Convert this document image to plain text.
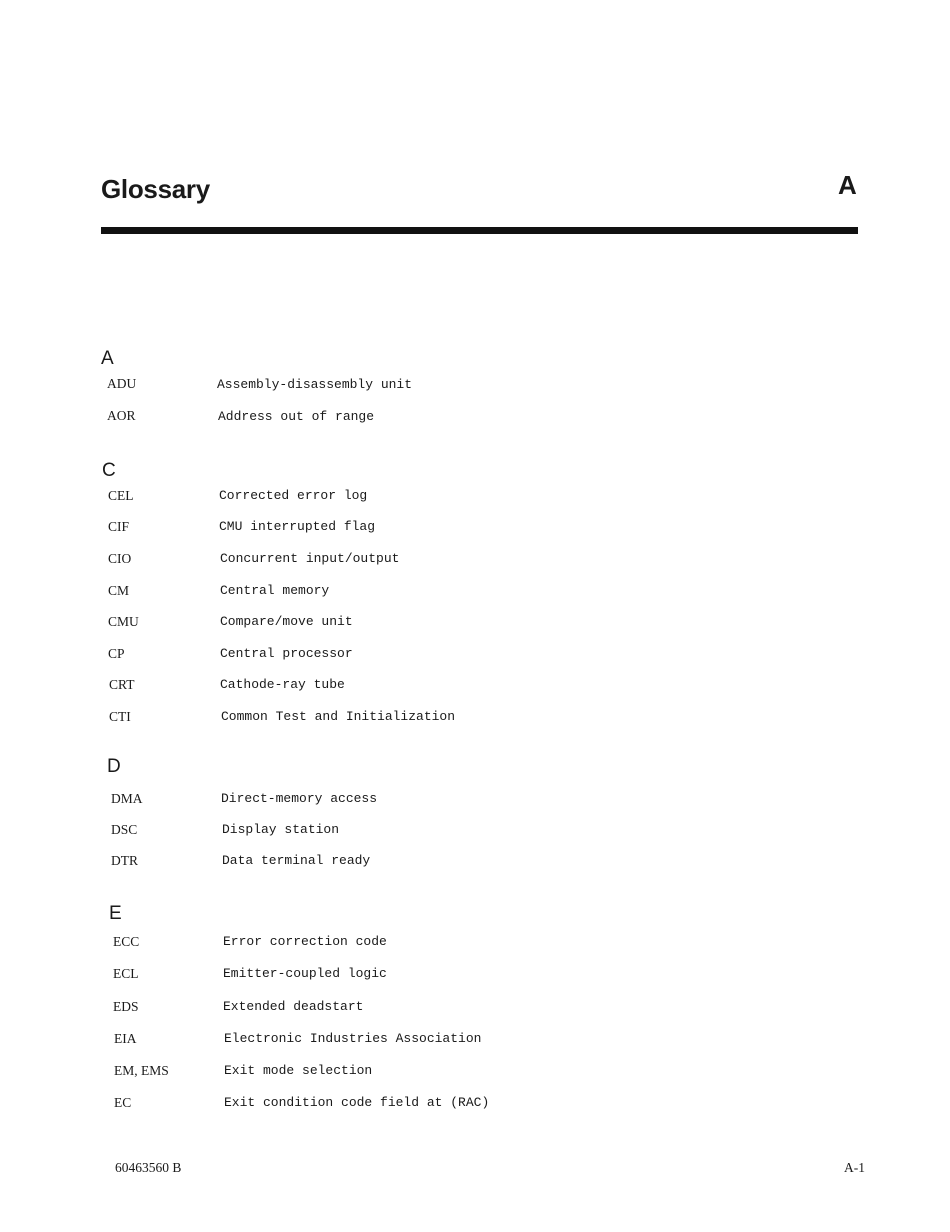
Glossary	A
A
ADU	Assembly-disassembly unit
AOR	Address out of range
C
CEL	Corrected error log
CIF	CMU interrupted flag
CIO	Concurrent input/output
CM	Central memory
CMU	Compare/move unit
CP	Central processor
CRT	Cathode-ray tube
CTI	Common Test and Initialization
D
DMA	Direct-memory access
DSC	Display station
DTR	Data terminal ready
E
ECC	Error correction code
ECL	Emitter-coupled logic
EDS	Extended deadstart
EIA	Electronic Industries Association
EM, EMS	Exit mode selection
EC	Exit condition code field at (RAC)
60463560 B	A-1
